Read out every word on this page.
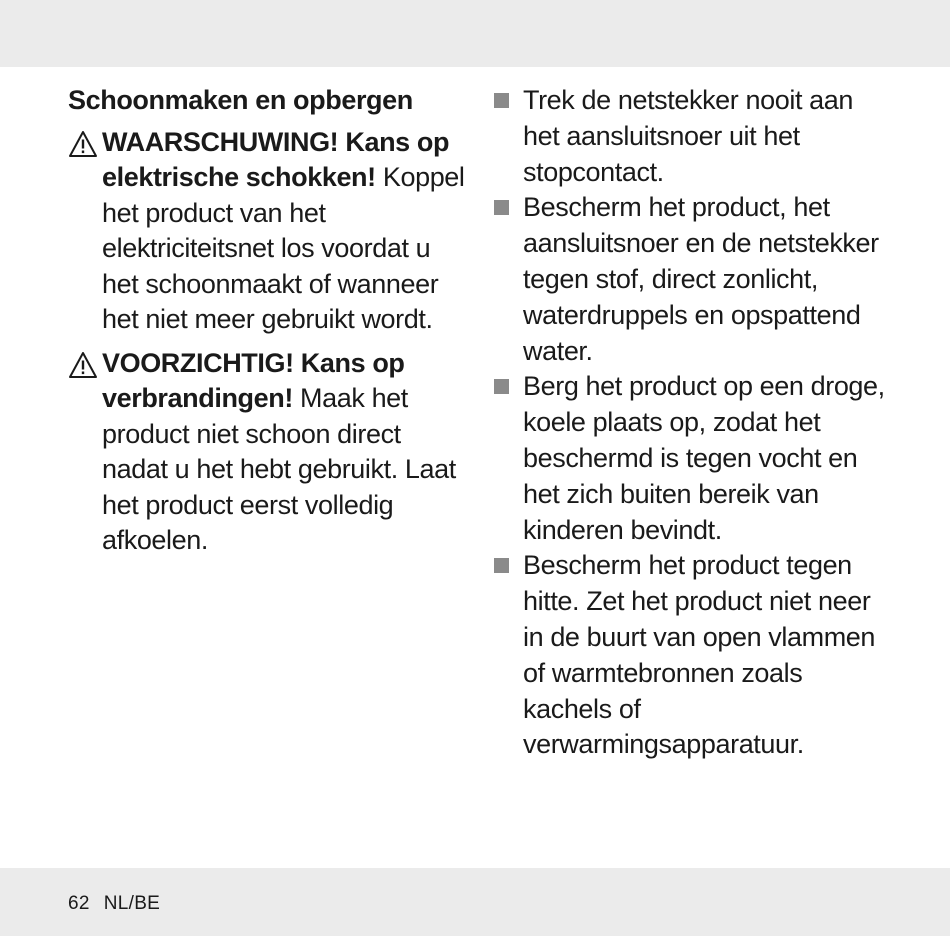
Schoonmaken en opbergen
WAARSCHUWING! Kans op elektrische schokken! Koppel het product van het elektriciteitsnet los voordat u het schoonmaakt of wanneer het niet meer gebruikt wordt.
VOORZICHTIG! Kans op verbrandingen! Maak het product niet schoon direct nadat u het hebt gebruikt. Laat het product eerst volledig afkoelen.
Trek de netstekker nooit aan het aansluitsnoer uit het stopcontact.
Bescherm het product, het aansluitsnoer en de netstekker tegen stof, direct zonlicht, waterdruppels en opspattend water.
Berg het product op een droge, koele plaats op, zodat het beschermd is tegen vocht en het zich buiten bereik van kinderen bevindt.
Bescherm het product tegen hitte. Zet het product niet neer in de buurt van open vlammen of warmtebronnen zoals kachels of verwarmingsapparatuur.
62 NL/BE
